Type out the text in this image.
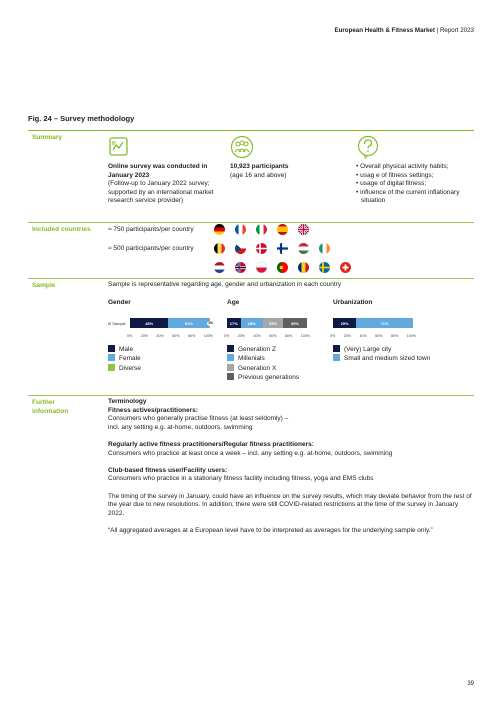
European Health & Fitness Market | Report 2023
Fig. 24 – Survey methodology
Summary
Online survey was conducted in January 2023
(Follow-up to January 2022 survey; supported by an international market research service provider)
10,923 participants
(age 16 and above)
• Overall physical activity habits;
• usag e of fitness settings;
• usage of digital fitness;
• influence of the current inflationary situation
Included countries	≈ 750 participants/per country
≈ 500 participants/per country
Sample	Sample is representative regarding age, gender and urbanization in each country
Gender	Age	Urbanization
Ø Sample	48%	51%	1%
0% 20% 40% 60% 80% 100%
17% 28%	25%	30%
0% 20% 40% 60% 80% 100%
29%	71%
0% 20% 40% 60% 80% 100%
Male
Female
Diverse
Generation Z
Millenials
Generation X
Previous generations
(Very) Large city
Small and medium sized town
Further information
Terminology
Fitness actives/practitioners:
Consumers who generally practise fitness (at least seldomly) –
incl. any setting e.g. at-home, outdoors, swimming
Regularly active fitness practitioners/Regular fitness practitioners:
Consumers who practice at least once a week – incl. any setting e.g. at-home, outdoors, swimming
Club-based fitness user/Facility users:
Consumers who practice in a stationary fitness facility including fitness, yoga and EMS clubs
The timing of the survey in January, could have an influence on the survey results, which may deviate behavior from the rest of the year due to new resolutions. In addition, there were still COVID-related restrictions at the time of the survey in January 2022.
“All aggregated averages at a European level have to be interpreted as averages for the underlying sample only.”
39
